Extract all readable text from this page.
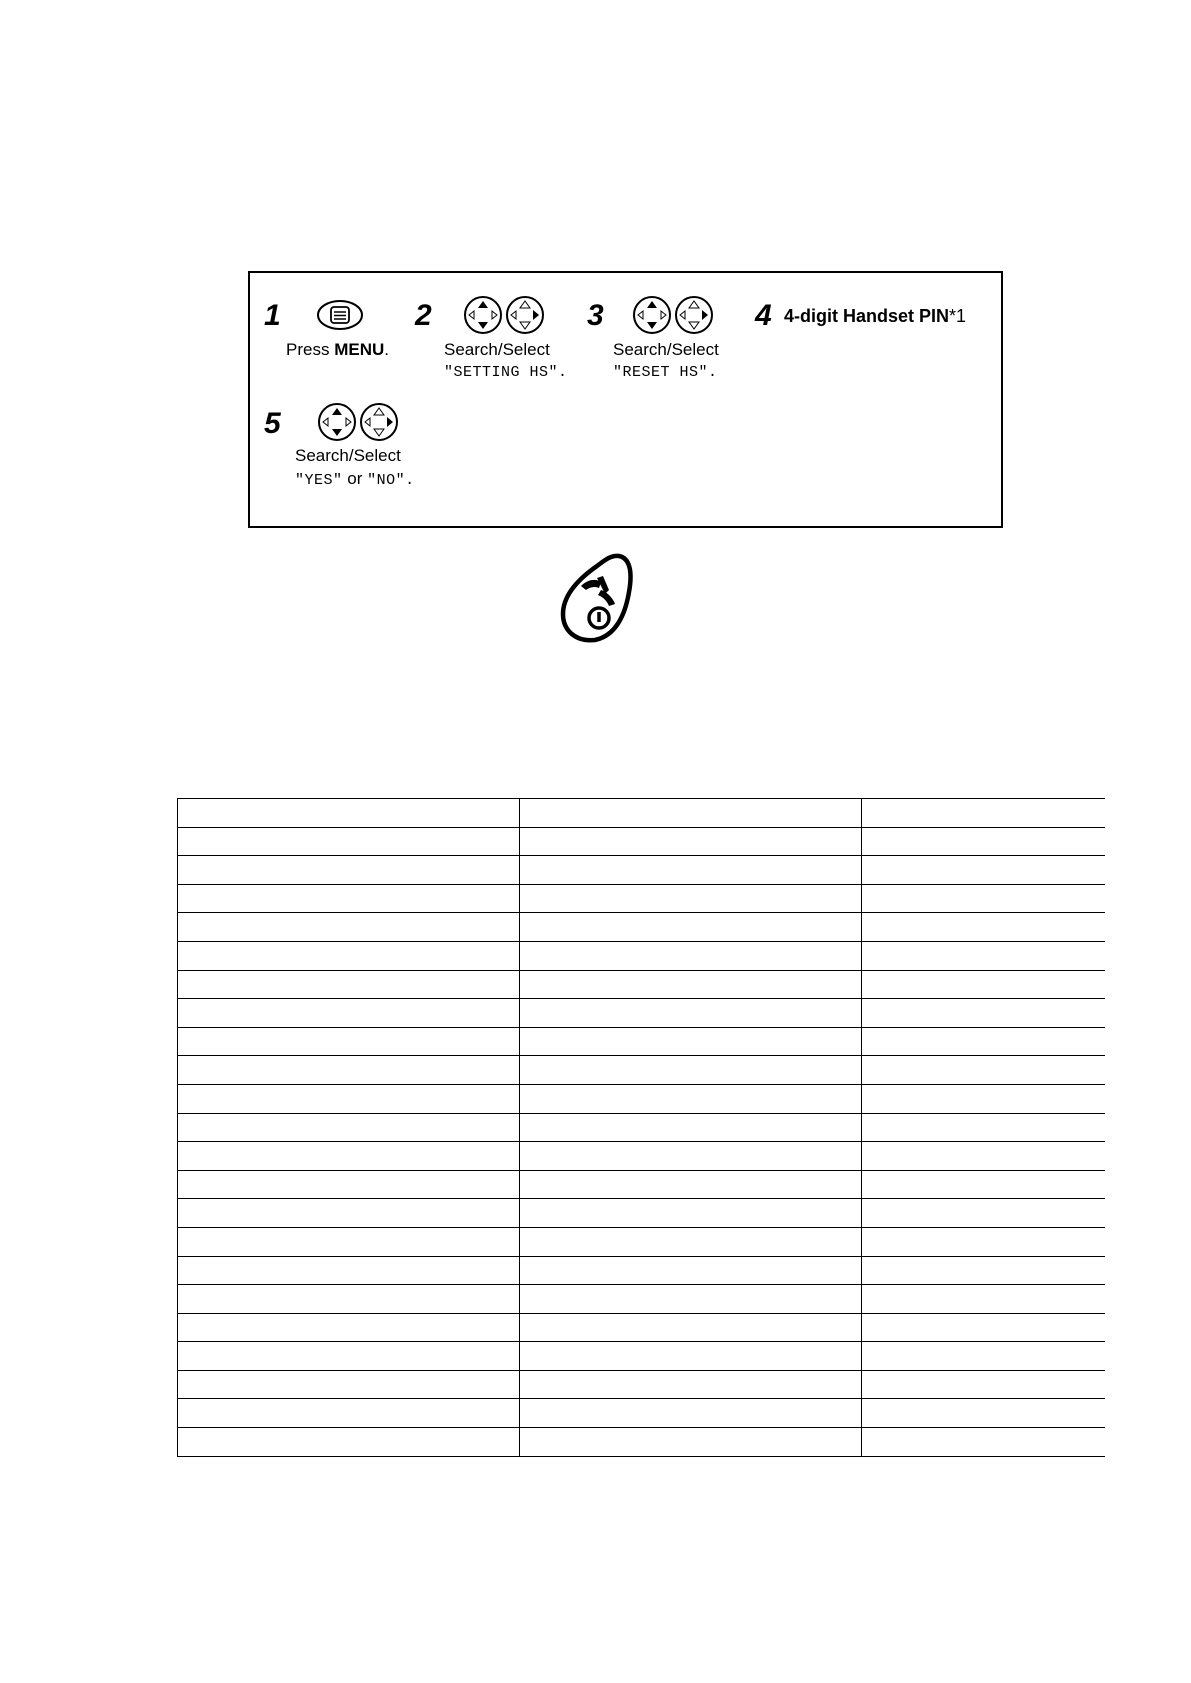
1
Press MENU.
2
Search/Select
"SETTING HS".
3
Search/Select
"RESET HS".
4 4-digit Handset PIN*1
5
Search/Select
"YES" or "NO".
